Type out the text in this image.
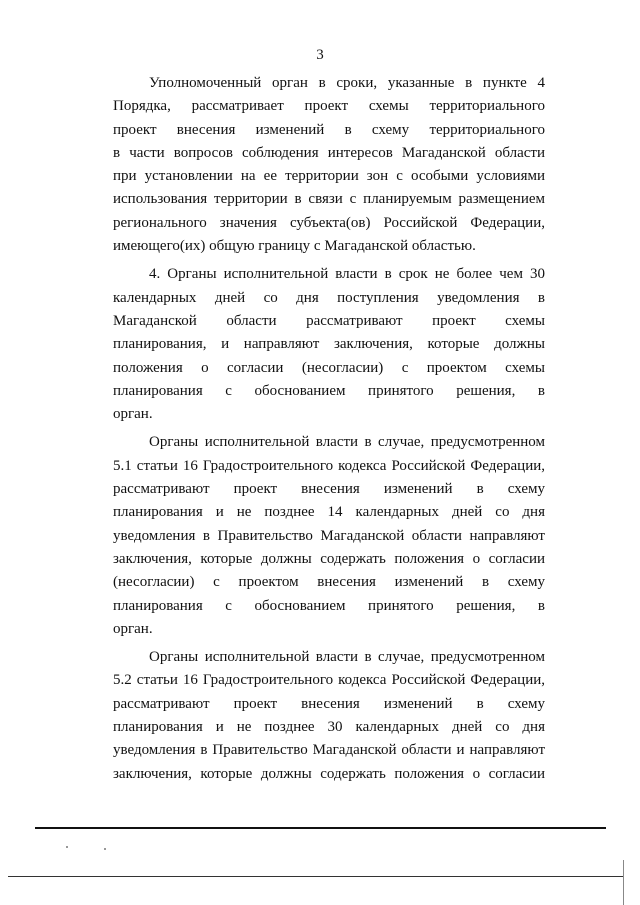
3
Уполномоченный орган в сроки, указанные в пункте 4
Порядка, рассматривает проект схемы территориального
проект внесения изменений в схему территориального
в части вопросов соблюдения интересов Магаданской области
при установлении на ее территории зон с особыми условиями
использования территории в связи с планируемым размещением
регионального значения субъекта(ов) Российской Федерации,
имеющего(их) общую границу с Магаданской областью.
4. Органы исполнительной власти в срок не более чем 30
календарных дней со дня поступления уведомления в
Магаданской области рассматривают проект схемы
планирования, и направляют заключения, которые должны
положения о согласии (несогласии) с проектом схемы
планирования с обоснованием принятого решения, в
орган.
Органы исполнительной власти в случае, предусмотренном
5.1 статьи 16 Градостроительного кодекса Российской Федерации,
рассматривают проект внесения изменений в схему
планирования и не позднее 14 календарных дней со дня
уведомления в Правительство Магаданской области направляют
заключения, которые должны содержать положения о согласии
(несогласии) с проектом внесения изменений в схему
планирования с обоснованием принятого решения, в
орган.
Органы исполнительной власти в случае, предусмотренном
5.2 статьи 16 Градостроительного кодекса Российской Федерации,
рассматривают проект внесения изменений в схему
планирования и не позднее 30 календарных дней со дня
уведомления в Правительство Магаданской области и направляют
заключения, которые должны содержать положения о согласии
